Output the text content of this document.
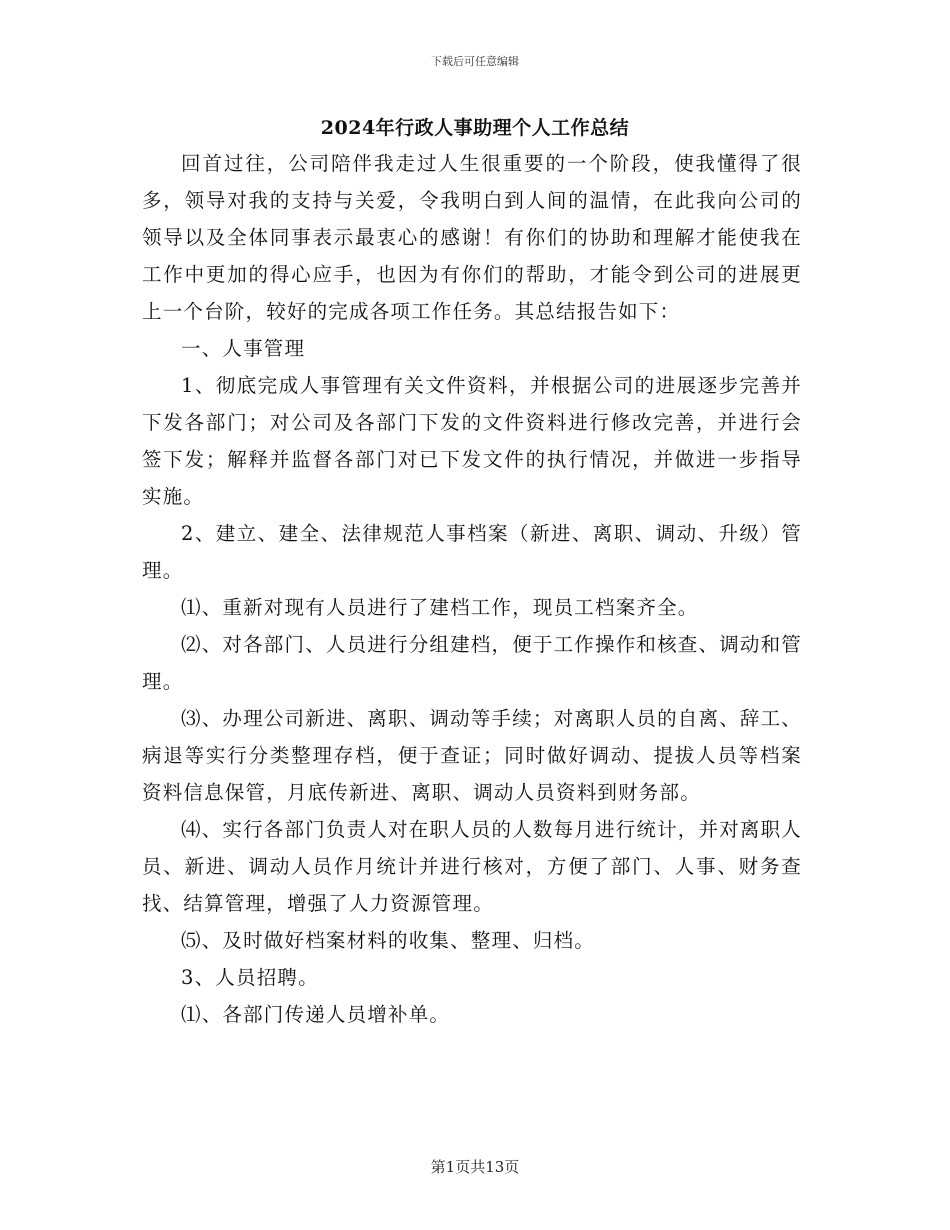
下载后可任意编辑
2024年行政人事助理个人工作总结

回首过往，公司陪伴我走过人生很重要的一个阶段，使我懂得了很多，领导对我的支持与关爱，令我明白到人间的温情，在此我向公司的领导以及全体同事表示最衷心的感谢！有你们的协助和理解才能使我在工作中更加的得心应手，也因为有你们的帮助，才能令到公司的进展更上一个台阶，较好的完成各项工作任务。其总结报告如下：

一、人事管理

1、彻底完成人事管理有关文件资料，并根据公司的进展逐步完善并下发各部门；对公司及各部门下发的文件资料进行修改完善，并进行会签下发；解释并监督各部门对已下发文件的执行情况，并做进一步指导实施。

2、建立、建全、法律规范人事档案（新进、离职、调动、升级）管理。

⑴、重新对现有人员进行了建档工作，现员工档案齐全。

⑵、对各部门、人员进行分组建档，便于工作操作和核查、调动和管理。

⑶、办理公司新进、离职、调动等手续；对离职人员的自离、辞工、病退等实行分类整理存档，便于查证；同时做好调动、提拔人员等档案资料信息保管，月底传新进、离职、调动人员资料到财务部。

⑷、实行各部门负责人对在职人员的人数每月进行统计，并对离职人员、新进、调动人员作月统计并进行核对，方便了部门、人事、财务查找、结算管理，增强了人力资源管理。

⑸、及时做好档案材料的收集、整理、归档。

3、人员招聘。

⑴、各部门传递人员增补单。

第1页共13页
